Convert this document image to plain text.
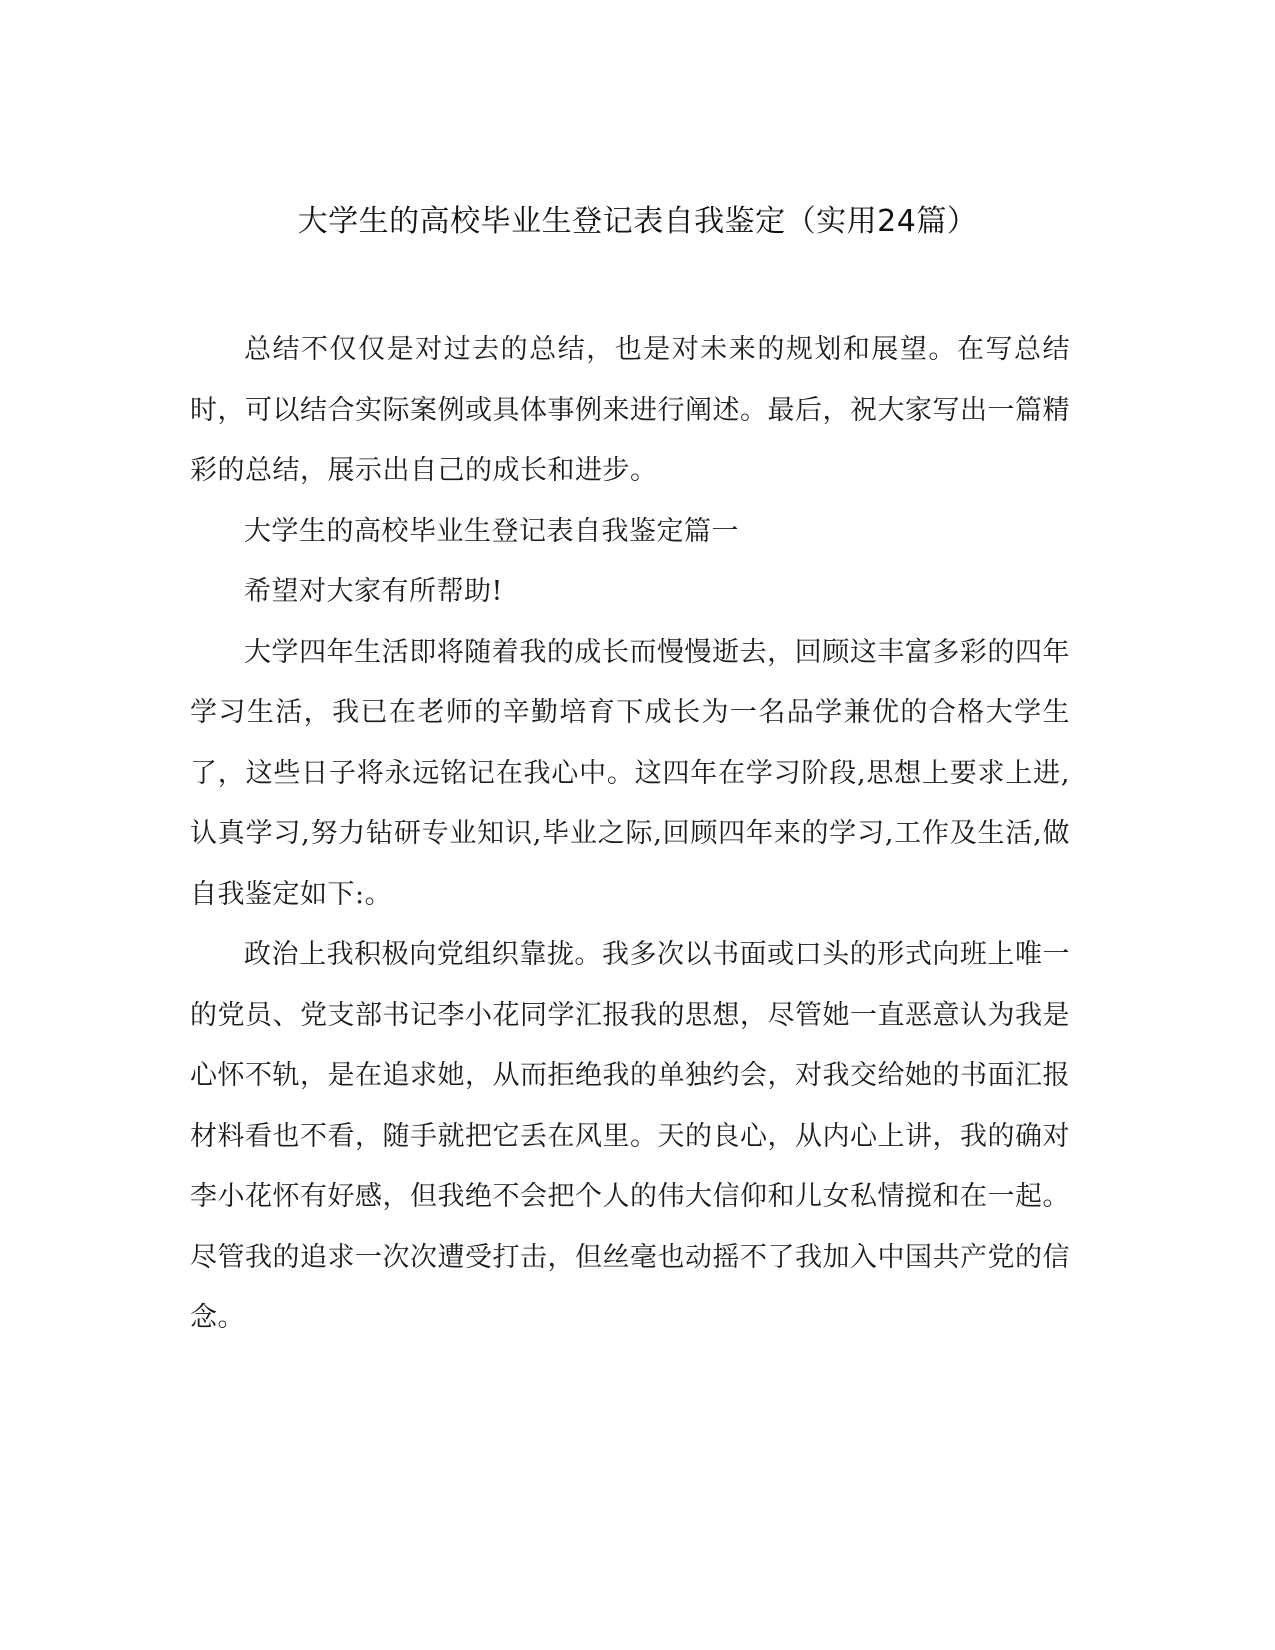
大学生的高校毕业生登记表自我鉴定（实用24篇）

总结不仅仅是对过去的总结，也是对未来的规划和展望。在写总结时，可以结合实际案例或具体事例来进行阐述。最后，祝大家写出一篇精彩的总结，展示出自己的成长和进步。

大学生的高校毕业生登记表自我鉴定篇一

希望对大家有所帮助!

大学四年生活即将随着我的成长而慢慢逝去，回顾这丰富多彩的四年学习生活，我已在老师的辛勤培育下成长为一名品学兼优的合格大学生了，这些日子将永远铭记在我心中。这四年在学习阶段,思想上要求上进,认真学习,努力钻研专业知识,毕业之际,回顾四年来的学习,工作及生活,做自我鉴定如下:。

政治上我积极向党组织靠拢。我多次以书面或口头的形式向班上唯一的党员、党支部书记李小花同学汇报我的思想，尽管她一直恶意认为我是心怀不轨，是在追求她，从而拒绝我的单独约会，对我交给她的书面汇报材料看也不看，随手就把它丢在风里。天的良心，从内心上讲，我的确对李小花怀有好感，但我绝不会把个人的伟大信仰和儿女私情搅和在一起。尽管我的追求一次次遭受打击，但丝毫也动摇不了我加入中国共产党的信念。
